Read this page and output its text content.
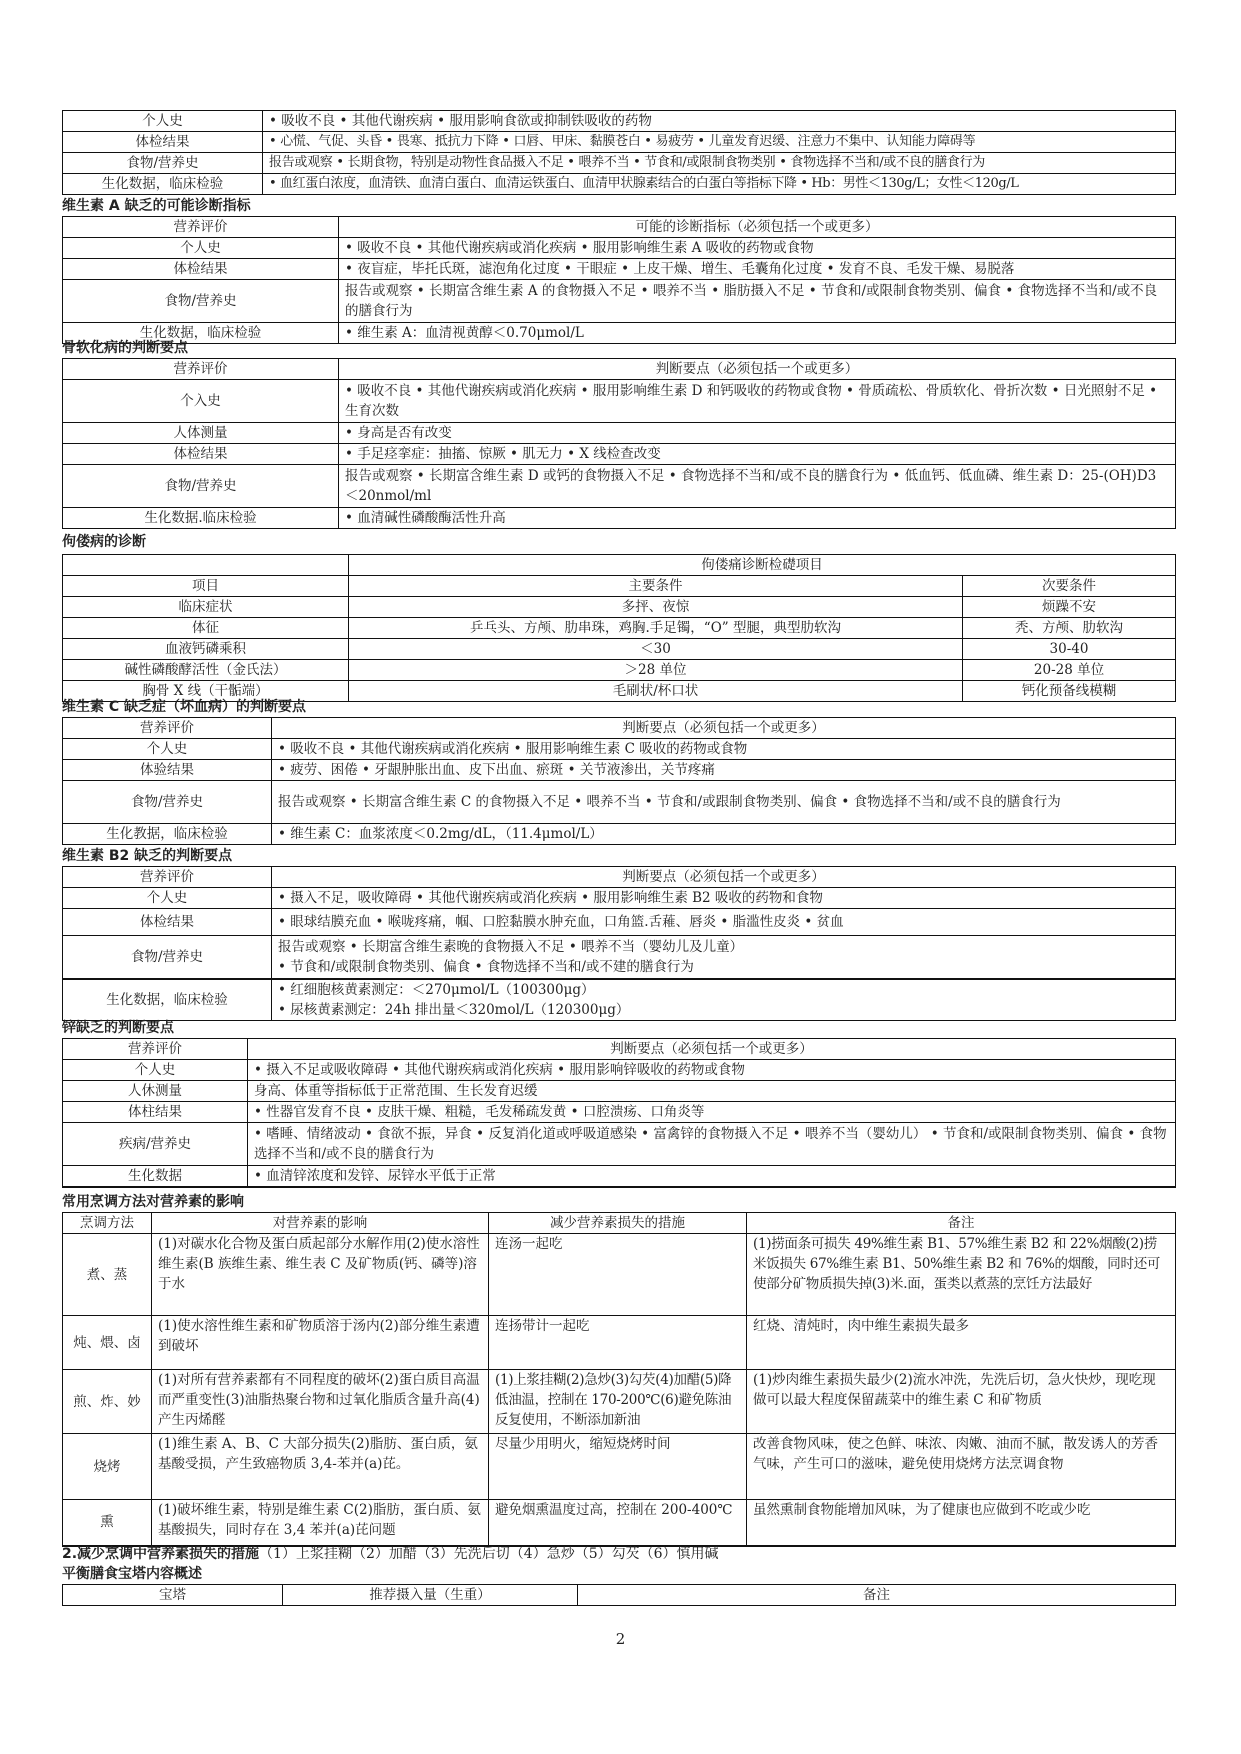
个人史	• 吸收不良 • 其他代谢疾病 • 服用影响食欲或抑制铁吸收的药物
体检结果	• 心慌、气促、头昏 • 畏寒、抵抗力下降 • 口唇、甲床、黏膜苍白 • 易疲劳 • 儿童发育迟缓、注意力不集中、认知能力障碍等
食物/营养史	报告或观察 • 长期食物，特别是动物性食品摄入不足 • 喂养不当 • 节食和/或限制食物类别 • 食物选择不当和/或不良的膳食行为
生化数据，临床检验	• 血红蛋白浓度，血清铁、血清白蛋白、血清运铁蛋白、血清甲状腺素结合的白蛋白等指标下降 • Hb：男性＜130g/L；女性＜120g/L
维生素 A 缺乏的可能诊断指标
营养评价	可能的诊断指标（必须包括一个或更多）
个人史	• 吸收不良 • 其他代谢疾病或消化疾病 • 服用影响维生素 A 吸收的药物或食物
体检结果	• 夜盲症，毕托氏斑，滤泡角化过度 • 干眼症 • 上皮干燥、增生、毛囊角化过度 • 发育不良、毛发干燥、易脱落
食物/营养史	报告或观察 • 长期富含维生素 A 的食物摄入不足 • 喂养不当 • 脂肪摄入不足 • 节食和/或限制食物类别、偏食 • 食物选择不当和/或不良的膳食行为
生化数据，临床检验	• 维生素 A：血清视黄醇＜0.70μmol/L
骨软化病的判断要点
营养评价	判断要点（必须包括一个或更多）
个入史	• 吸收不良 • 其他代谢疾病或消化疾病 • 服用影响维生素 D 和钙吸收的药物或食物 • 骨质疏松、骨质软化、骨折次数 • 日光照射不足 • 生育次数
人体测量	• 身高是否有改变
体检结果	• 手足痉挛症：抽搐、惊厥 • 肌无力 • X 线检查改变
食物/营养史	报告或观察 • 长期富含维生素 D 或钙的食物摄入不足 • 食物选择不当和/或不良的膳食行为 • 低血钙、低血磷、维生素 D：25-(OH)D3＜20nmol/ml
生化数据.临床检验	• 血清碱性磷酸酶活性升高
佝偻病的诊断
	佝偻痛诊断检礎项目	
项目	主要条件	次要条件
临床症状	多抨、夜惊	烦躁不安
体征	乒乓头、方颅、肋串珠，鸡胸.手足镯，“O” 型腿，典型肋软沟	秃、方颅、肋软沟
血液钙磷乘积	＜30	30-40
碱性磷酸酵活性（金氏法）	＞28 单位	20-28 单位
胸骨 X 线（干骺端）	毛刷状/杯口状	钙化预备线模糊
维生素 C 缺乏症（坏血病）的判断要点
营养评价	判断要点（必须包括一个或更多）
个人史	• 吸收不良 • 其他代谢疾病或消化疾病 • 服用影响维生素 C 吸收的药物或食物
体验结果	• 疲劳、困倦 • 牙龈肿胀出血、皮下出血、瘀斑 • 关节液渗出，关节疼痛
食物/营养史	报告或观察 • 长期富含维生素 C 的食物摄入不足 • 喂养不当 • 节食和/或跟制食物类别、偏食 • 食物选择不当和/或不良的膳食行为
生化教据，临床检验	• 维生素 C：血浆浓度＜0.2mg/dL，（11.4μmol/L）
维生素 B2 缺乏的判断要点
营养评价	判断要点（必须包括一个或更多）
个人史	• 摄入不足，吸收障碍 • 其他代谢疾病或消化疾病 • 服用影响维生素 B2 吸收的药物和食物
体检结果	• 眼球结膜充血 • 喉咙疼痛，帼、口腔黏膜水肿充血，口角篮.舌䕌、唇炎 • 脂滥性皮炎 • 贫血
食物/营养史	报告或观察 • 长期富含维生素晚的食物摄入不足 • 喂养不当（婴幼儿及儿童）
• 节食和/或限制食物类别、偏食 • 食物选择不当和/或不建的膳食行为

生化数据，临床检验	• 红细胞核黄素测定：＜270μmol/L（100300μg）
• 尿核黄素测定：24h 排出量＜320mol/L（120300μg）
锌缺乏的判断要点
营养评价	判断要点（必须包括一个或更多）
个人史	• 摄入不足或吸收障碍 • 其他代谢疾病或消化疾病 • 服用影响锌吸收的药物或食物
人休测量	身高、体重等指标低于正常范围、生长发育迟缓
体柱结果	• 性器官发育不良 • 皮肤干燥、粗糙，毛发稀疏发黄 • 口腔溃疡、口角炎等
疾病/营养史	• 嗜睡、情绪波动 • 食欲不振，异食 • 反复消化道或呼吸道感染 • 富禽锌的食物摄入不足 • 喂养不当（婴幼儿） • 节食和/或限制食物类别、偏食 • 食物选择不当和/或不良的膳食行为
生化数据	• 血清锌浓度和发锌、尿锌水平低于正常
常用烹调方法对营养素的影响
烹调方法	对营养素的影响	减少营养素损失的措施	备注
煮、蒸	(1)对碳水化合物及蛋白质起部分水解作用(2)使水溶性维生素(B 族维生素、维生表 C 及矿物质(钙、磷等)溶于水	连汤一起吃	(1)捞面条可损失 49%维生素 B1、57%维生素 B2 和 22%烟酸(2)捞米饭损失 67%维生素 B1、50%维生素 B2 和 76%的烟酸，同时还可使部分矿物质损失掉(3)米.面，蛋类以煮蒸的烹饪方法最好
炖、煨、卤	(1)使水溶性维生素和矿物质溶于汤内(2)部分维生素遭到破坏	连扬带计一起吃	红烧、清炖时，肉中维生素损失最多
煎、炸、妙	(1)对所有营养素都有不同程度的破坏(2)蛋白质目高温而严重变性(3)油脂热聚台物和过氧化脂质含量升高(4)产生丙烯醛	(1)上浆挂糊(2)急炒(3)勾芡(4)加醋(5)降低油温，控制在 170-200℃(6)避免陈油反复使用，不断添加新油	(1)炒肉维生素损失最少(2)流水冲洗，先洗后切，急火快炒，现吃现做可以最大程度保留蔬菜中的维生素 C 和矿物质
烧烤	(1)维生素 A、B、C 大部分损失(2)脂肪、蛋白质，氨基酸受损，产生致癌物质 3,4-苯并(a)芘。	尽量少用明火，缩短烧烤时间	改善食物风味，使之色鲜、味浓、肉嫩、油而不腻，散发诱人的芳香气味，产生可口的滋味，避免使用烧烤方法烹调食物
熏	(1)破坏维生素，特别是维生素 C(2)脂肪，蛋白质、氨基酸损失，同时存在 3,4 苯并(a)芘问题	避免烟熏温度过高，控制在 200-400℃	虽然熏制食物能增加风味，为了健康也应做到不吃或少吃
2.减少烹调中营养素损失的措施（1）上浆挂糊（2）加醋（3）先洗后切（4）急炒（5）勾芡（6）慎用碱
平衡膳食宝塔内容概述
宝塔	推荐摄入量（生重）	备注
2
